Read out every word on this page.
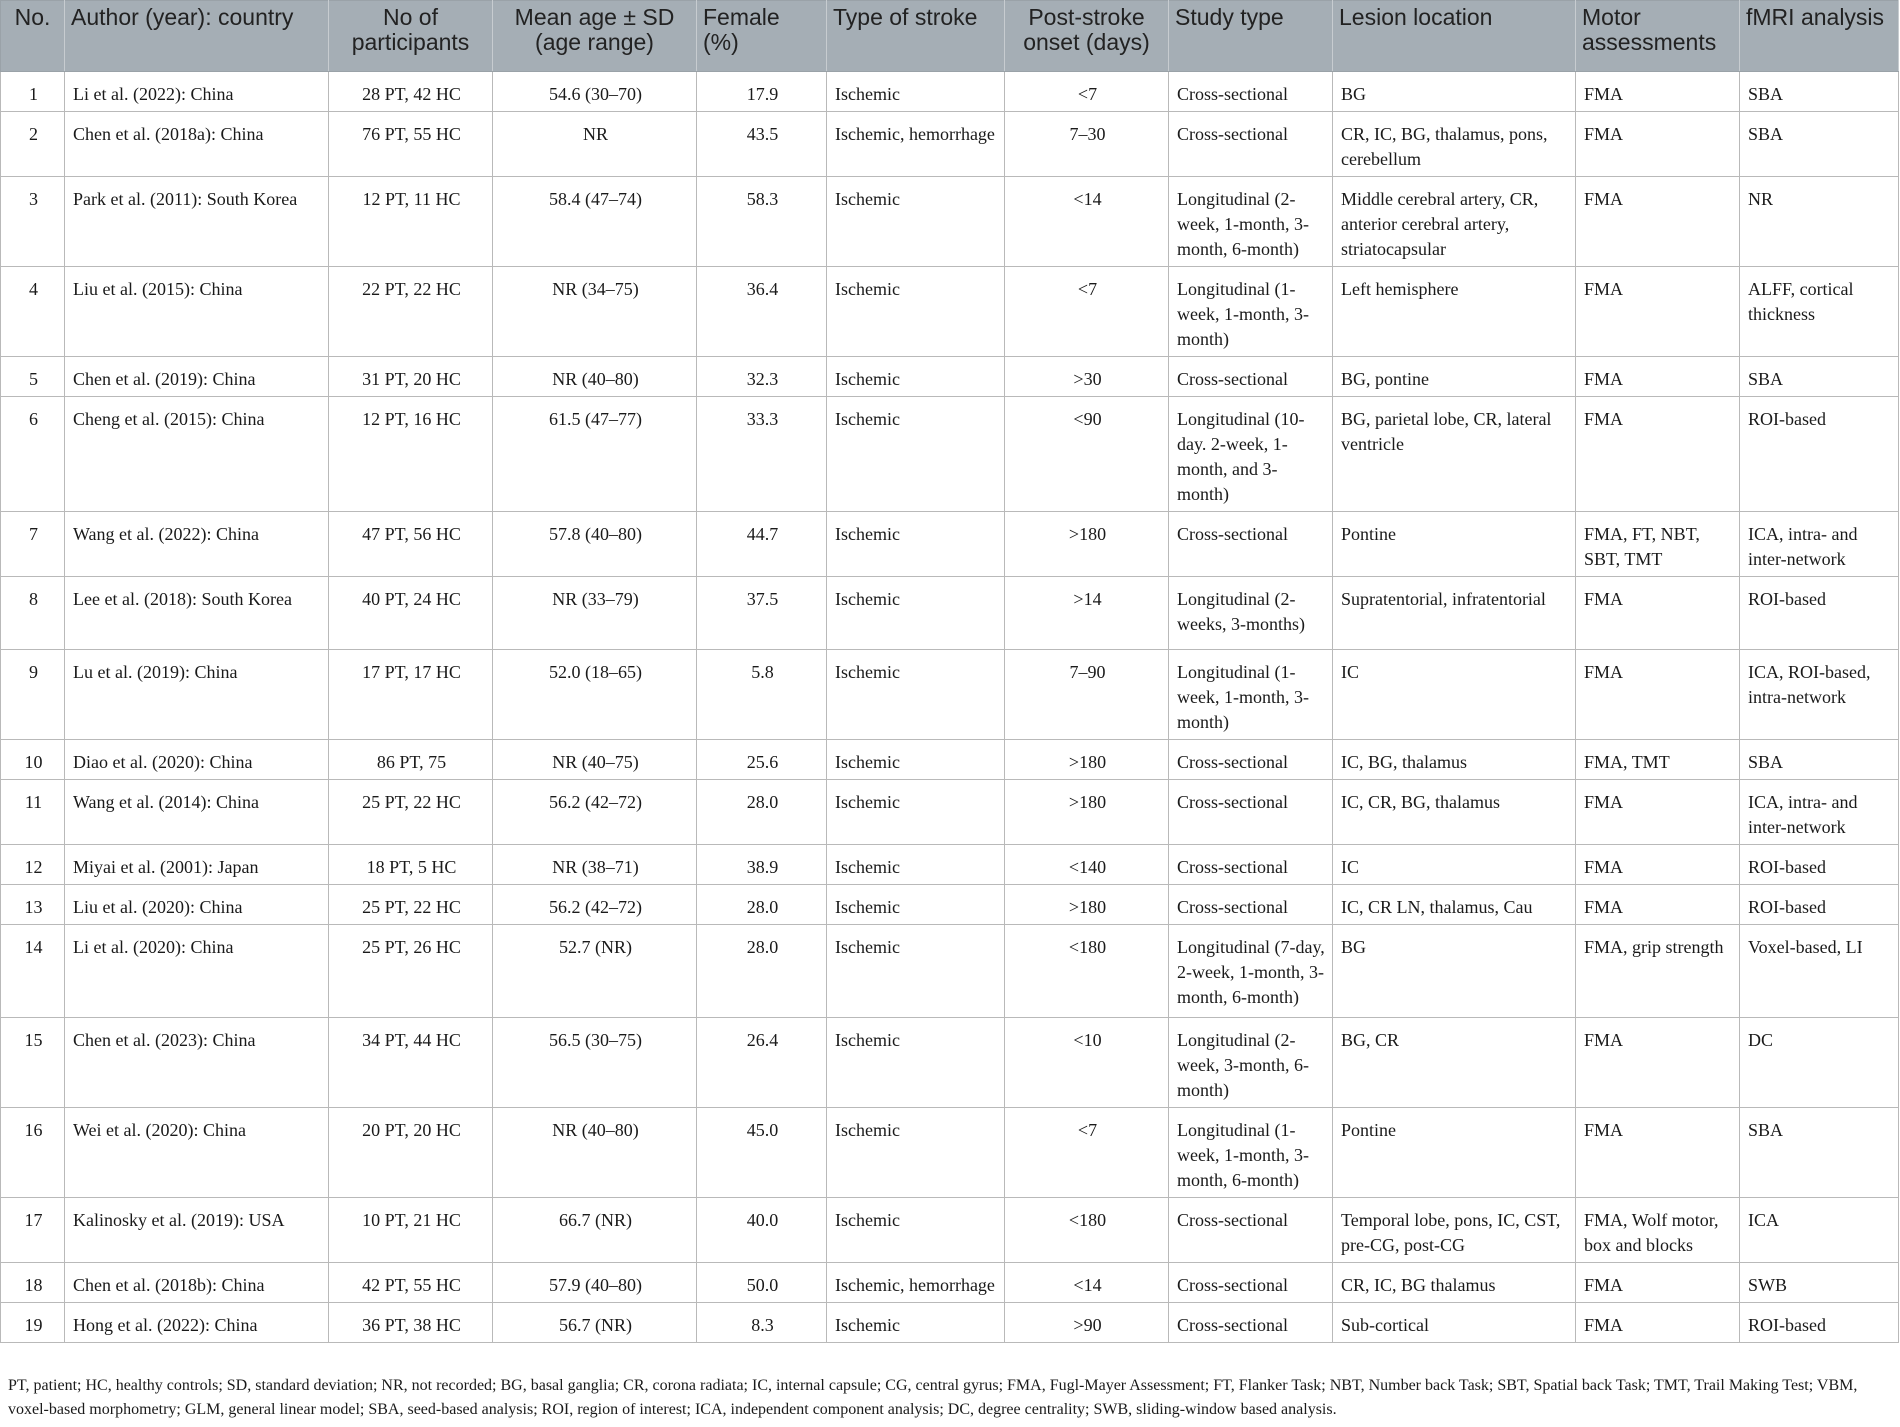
No.	Author (year): country	No of participants	Mean age ± SD (age range)	Female (%)	Type of stroke	Post-stroke onset (days)	Study type	Lesion location	Motor assessments	fMRI analysis
1	Li et al. (2022): China	28 PT, 42 HC	54.6 (30–70)	17.9	Ischemic	<7	Cross-sectional	BG	FMA	SBA
2	Chen et al. (2018a): China	76 PT, 55 HC	NR	43.5	Ischemic, hemorrhage	7–30	Cross-sectional	CR, IC, BG, thalamus, pons, cerebellum	FMA	SBA
3	Park et al. (2011): South Korea	12 PT, 11 HC	58.4 (47–74)	58.3	Ischemic	<14	Longitudinal (2-week, 1-month, 3-month, 6-month)	Middle cerebral artery, CR, anterior cerebral artery, striatocapsular	FMA	NR
4	Liu et al. (2015): China	22 PT, 22 HC	NR (34–75)	36.4	Ischemic	<7	Longitudinal (1-week, 1-month, 3-month)	Left hemisphere	FMA	ALFF, cortical thickness
5	Chen et al. (2019): China	31 PT, 20 HC	NR (40–80)	32.3	Ischemic	>30	Cross-sectional	BG, pontine	FMA	SBA
6	Cheng et al. (2015): China	12 PT, 16 HC	61.5 (47–77)	33.3	Ischemic	<90	Longitudinal (10-day. 2-week, 1-month, and 3-month)	BG, parietal lobe, CR, lateral ventricle	FMA	ROI-based
7	Wang et al. (2022): China	47 PT, 56 HC	57.8 (40–80)	44.7	Ischemic	>180	Cross-sectional	Pontine	FMA, FT, NBT, SBT, TMT	ICA, intra- and inter-network
8	Lee et al. (2018): South Korea	40 PT, 24 HC	NR (33–79)	37.5	Ischemic	>14	Longitudinal (2-weeks, 3-months)	Supratentorial, infratentorial	FMA	ROI-based
9	Lu et al. (2019): China	17 PT, 17 HC	52.0 (18–65)	5.8	Ischemic	7–90	Longitudinal (1-week, 1-month, 3-month)	IC	FMA	ICA, ROI-based, intra-network
10	Diao et al. (2020): China	86 PT, 75	NR (40–75)	25.6	Ischemic	>180	Cross-sectional	IC, BG, thalamus	FMA, TMT	SBA
11	Wang et al. (2014): China	25 PT, 22 HC	56.2 (42–72)	28.0	Ischemic	>180	Cross-sectional	IC, CR, BG, thalamus	FMA	ICA, intra- and inter-network
12	Miyai et al. (2001): Japan	18 PT, 5 HC	NR (38–71)	38.9	Ischemic	<140	Cross-sectional	IC	FMA	ROI-based
13	Liu et al. (2020): China	25 PT, 22 HC	56.2 (42–72)	28.0	Ischemic	>180	Cross-sectional	IC, CR LN, thalamus, Cau	FMA	ROI-based
14	Li et al. (2020): China	25 PT, 26 HC	52.7 (NR)	28.0	Ischemic	<180	Longitudinal (7-day, 2-week, 1-month, 3-month, 6-month)	BG	FMA, grip strength	Voxel-based, LI
15	Chen et al. (2023): China	34 PT, 44 HC	56.5 (30–75)	26.4	Ischemic	<10	Longitudinal (2-week, 3-month, 6-month)	BG, CR	FMA	DC
16	Wei et al. (2020): China	20 PT, 20 HC	NR (40–80)	45.0	Ischemic	<7	Longitudinal (1-week, 1-month, 3-month, 6-month)	Pontine	FMA	SBA
17	Kalinosky et al. (2019): USA	10 PT, 21 HC	66.7 (NR)	40.0	Ischemic	<180	Cross-sectional	Temporal lobe, pons, IC, CST, pre-CG, post-CG	FMA, Wolf motor, box and blocks	ICA
18	Chen et al. (2018b): China	42 PT, 55 HC	57.9 (40–80)	50.0	Ischemic, hemorrhage	<14	Cross-sectional	CR, IC, BG thalamus	FMA	SWB
19	Hong et al. (2022): China	36 PT, 38 HC	56.7 (NR)	8.3	Ischemic	>90	Cross-sectional	Sub-cortical	FMA	ROI-based
PT, patient; HC, healthy controls; SD, standard deviation; NR, not recorded; BG, basal ganglia; CR, corona radiata; IC, internal capsule; CG, central gyrus; FMA, Fugl-Mayer Assessment; FT, Flanker Task; NBT, Number back Task; SBT, Spatial back Task; TMT, Trail Making Test; VBM, voxel-based morphometry; GLM, general linear model; SBA, seed-based analysis; ROI, region of interest; ICA, independent component analysis; DC, degree centrality; SWB, sliding-window based analysis.
